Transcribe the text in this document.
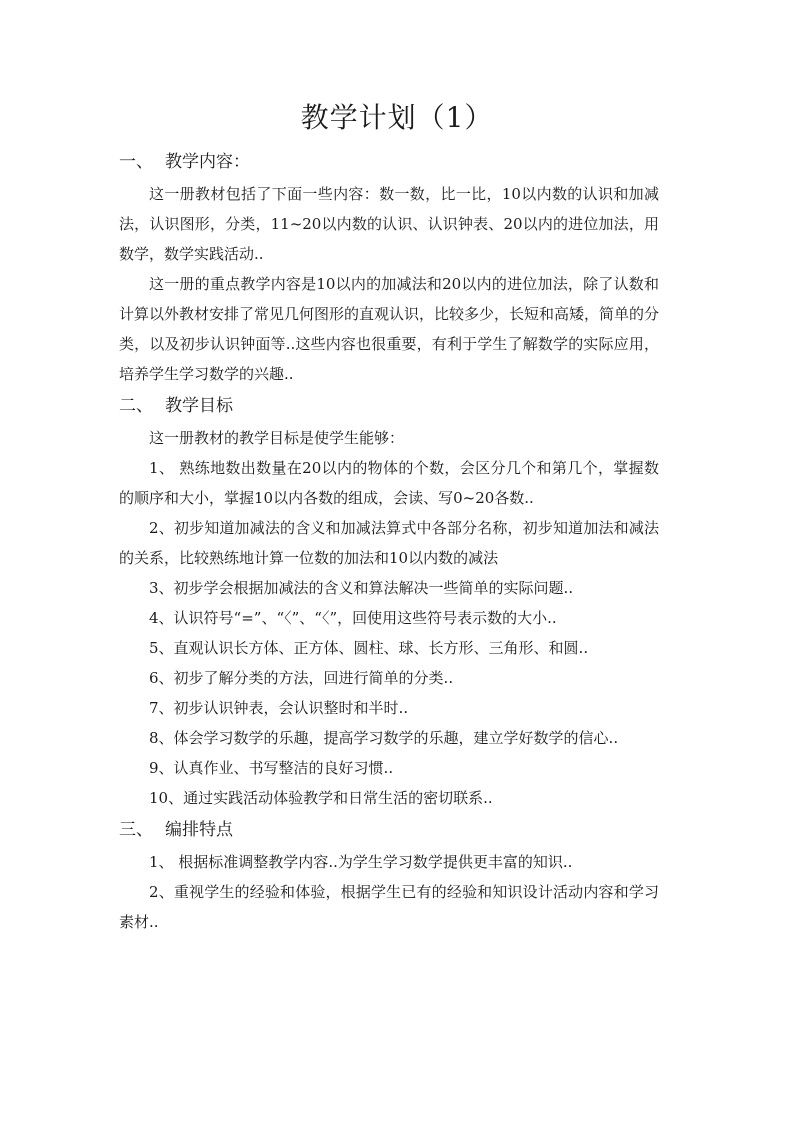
教学计划（1）
一、 教学内容：

这一册教材包括了下面一些内容：数一数，比一比，10以内数的认识和加减法，认识图形，分类，11~20以内数的认识、认识钟表、20以内的进位加法，用数学，数学实践活动..

这一册的重点教学内容是10以内的加减法和20以内的进位加法，除了认数和计算以外教材安排了常见几何图形的直观认识，比较多少，长短和高矮，简单的分类，以及初步认识钟面等..这些内容也很重要，有利于学生了解数学的实际应用，培养学生学习数学的兴趣..

二、 教学目标

这一册教材的教学目标是使学生能够：

1、 熟练地数出数量在20以内的物体的个数，会区分几个和第几个，掌握数的顺序和大小，掌握10以内各数的组成，会读、写0~20各数..

2、初步知道加减法的含义和加减法算式中各部分名称，初步知道加法和减法的关系，比较熟练地计算一位数的加法和10以内数的减法

3、初步学会根据加减法的含义和算法解决一些简单的实际问题..

4、认识符号“=”、“〈”、“〈”，回使用这些符号表示数的大小..

5、直观认识长方体、正方体、圆柱、球、长方形、三角形、和圆..

6、初步了解分类的方法，回进行简单的分类..

7、初步认识钟表，会认识整时和半时..

8、体会学习数学的乐趣，提高学习数学的乐趣，建立学好数学的信心..

9、认真作业、书写整洁的良好习惯..

10、通过实践活动体验教学和日常生活的密切联系..

三、 编排特点

1、 根据标准调整教学内容..为学生学习数学提供更丰富的知识..

2、重视学生的经验和体验，根据学生已有的经验和知识设计活动内容和学习素材..
